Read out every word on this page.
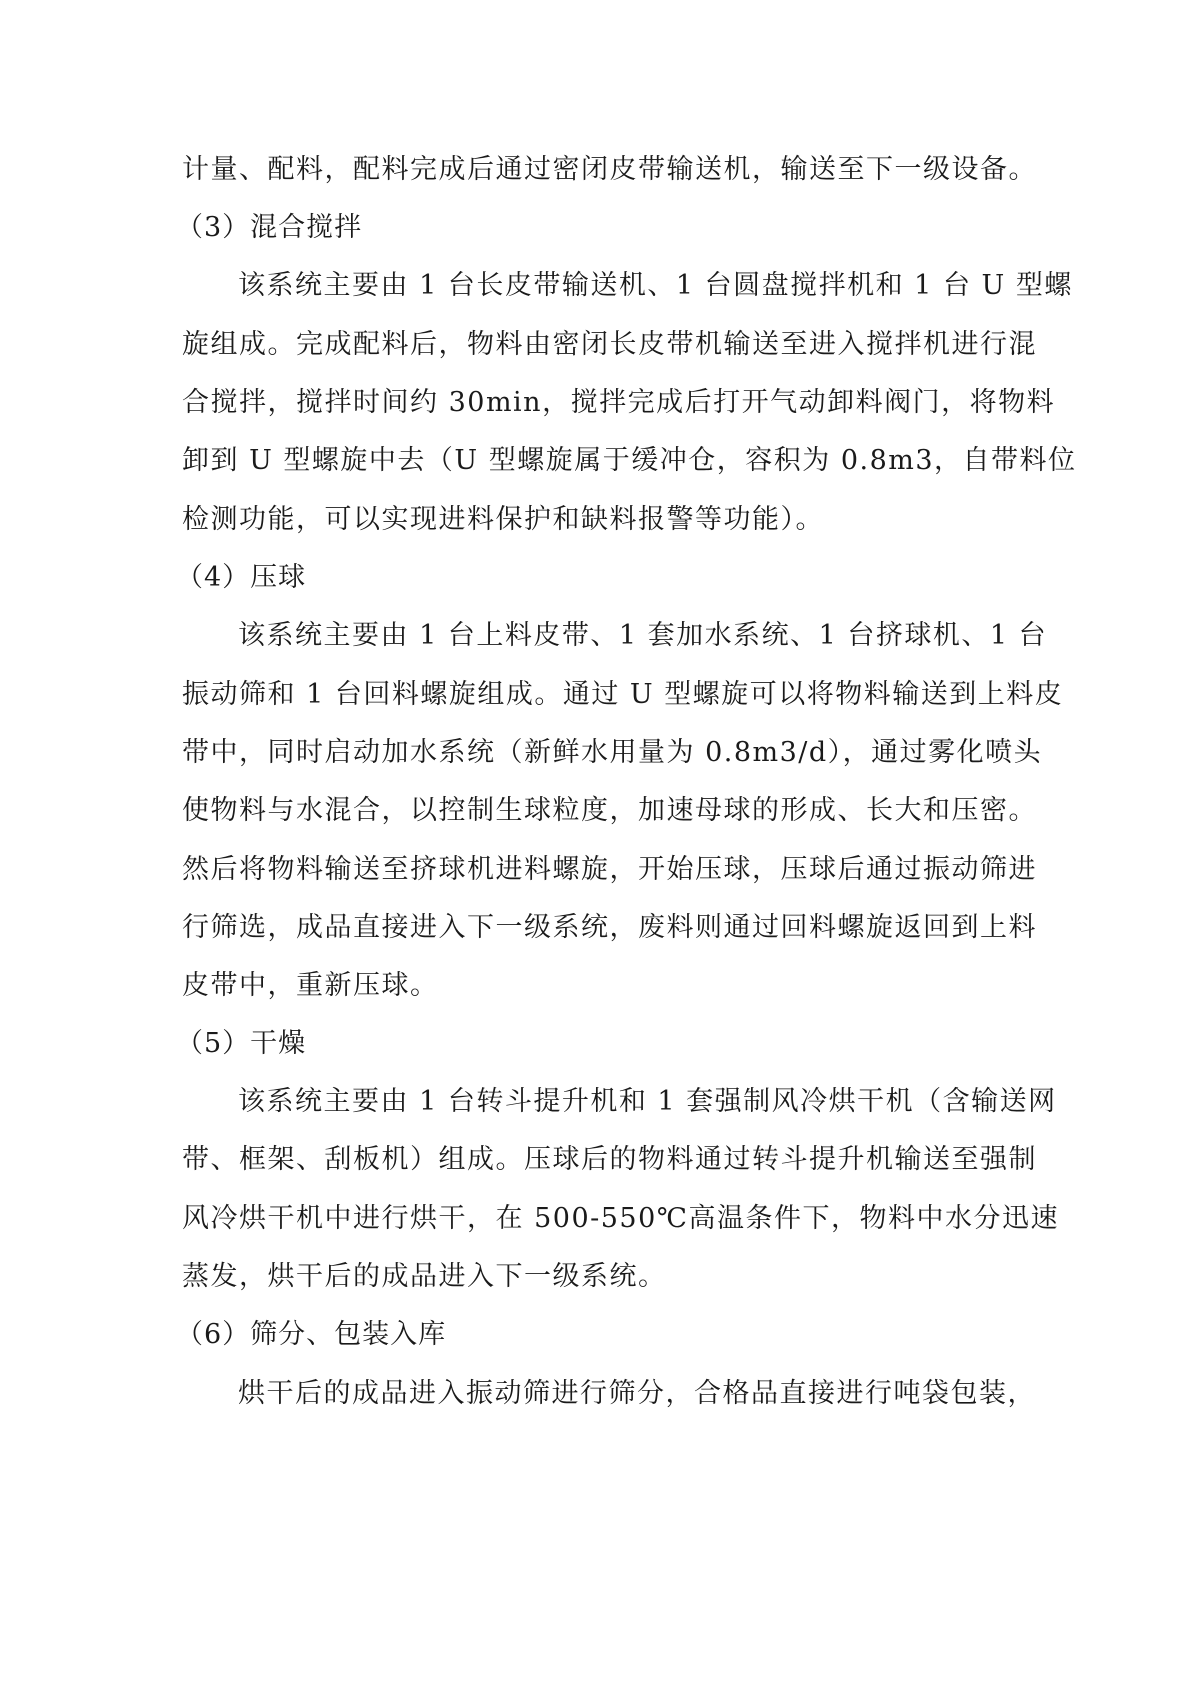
计量、配料，配料完成后通过密闭皮带输送机，输送至下一级设备。
（3）混合搅拌
该系统主要由 1 台长皮带输送机、1 台圆盘搅拌机和 1 台 U 型螺
旋组成。完成配料后，物料由密闭长皮带机输送至进入搅拌机进行混
合搅拌，搅拌时间约 30min，搅拌完成后打开气动卸料阀门，将物料
卸到 U 型螺旋中去（U 型螺旋属于缓冲仓，容积为 0.8m3，自带料位
检测功能，可以实现进料保护和缺料报警等功能）。
（4）压球
该系统主要由 1 台上料皮带、1 套加水系统、1 台挤球机、1 台
振动筛和 1 台回料螺旋组成。通过 U 型螺旋可以将物料输送到上料皮
带中，同时启动加水系统（新鲜水用量为 0.8m3/d），通过雾化喷头
使物料与水混合，以控制生球粒度，加速母球的形成、长大和压密。
然后将物料输送至挤球机进料螺旋，开始压球，压球后通过振动筛进
行筛选，成品直接进入下一级系统，废料则通过回料螺旋返回到上料
皮带中，重新压球。
（5）干燥
该系统主要由 1 台转斗提升机和 1 套强制风冷烘干机（含输送网
带、框架、刮板机）组成。压球后的物料通过转斗提升机输送至强制
风冷烘干机中进行烘干，在 500-550℃高温条件下，物料中水分迅速
蒸发，烘干后的成品进入下一级系统。
（6）筛分、包装入库
烘干后的成品进入振动筛进行筛分，合格品直接进行吨袋包装，
